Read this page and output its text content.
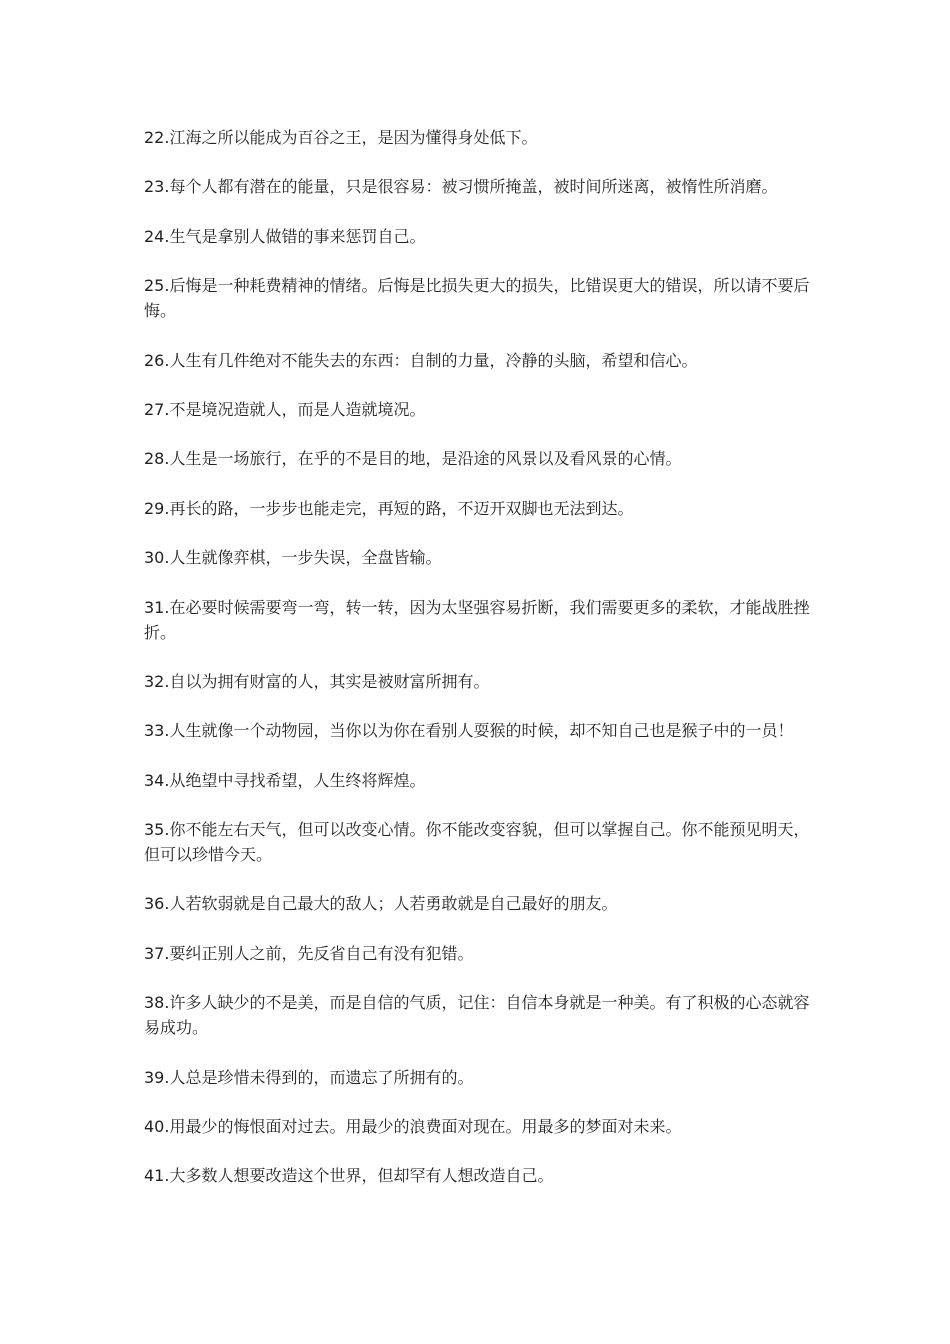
22.江海之所以能成为百谷之王，是因为懂得身处低下。

23.每个人都有潜在的能量，只是很容易：被习惯所掩盖，被时间所迷离，被惰性所消磨。

24.生气是拿别人做错的事来惩罚自己。

25.后悔是一种耗费精神的情绪。后悔是比损失更大的损失，比错误更大的错误，所以请不要后悔。

26.人生有几件绝对不能失去的东西：自制的力量，冷静的头脑，希望和信心。

27.不是境况造就人，而是人造就境况。

28.人生是一场旅行，在乎的不是目的地，是沿途的风景以及看风景的心情。

29.再长的路，一步步也能走完，再短的路，不迈开双脚也无法到达。

30.人生就像弈棋，一步失误，全盘皆输。

31.在必要时候需要弯一弯，转一转，因为太坚强容易折断，我们需要更多的柔软，才能战胜挫折。

32.自以为拥有财富的人，其实是被财富所拥有。

33.人生就像一个动物园，当你以为你在看别人耍猴的时候，却不知自己也是猴子中的一员！

34.从绝望中寻找希望，人生终将辉煌。

35.你不能左右天气，但可以改变心情。你不能改变容貌，但可以掌握自己。你不能预见明天，但可以珍惜今天。

36.人若软弱就是自己最大的敌人；人若勇敢就是自己最好的朋友。

37.要纠正别人之前，先反省自己有没有犯错。

38.许多人缺少的不是美，而是自信的气质，记住：自信本身就是一种美。有了积极的心态就容易成功。

39.人总是珍惜未得到的，而遗忘了所拥有的。

40.用最少的悔恨面对过去。用最少的浪费面对现在。用最多的梦面对未来。

41.大多数人想要改造这个世界，但却罕有人想改造自己。
